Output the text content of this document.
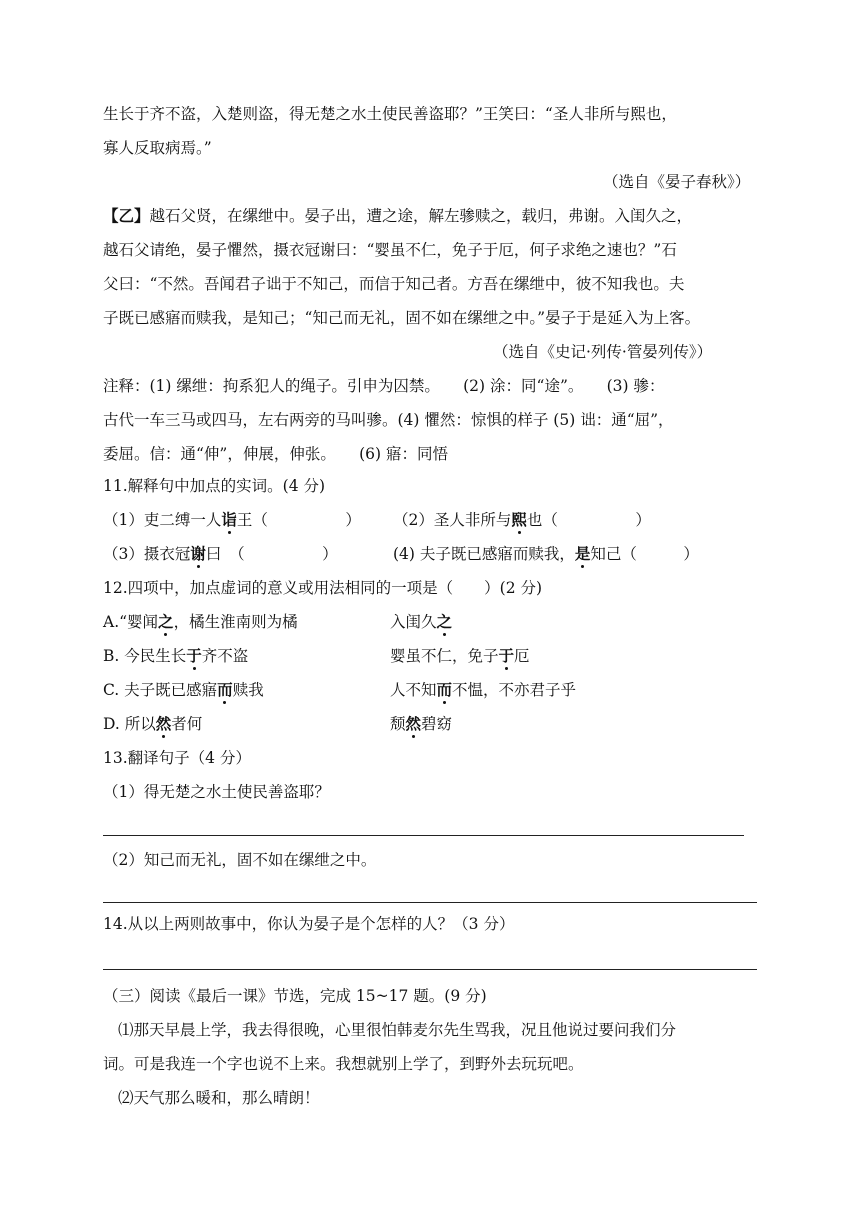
生长于齐不盗，入楚则盗，得无楚之水土使民善盗耶？”王笑曰：“圣人非所与熙也，
寡人反取病焉。”
（选自《晏子春秋》）
【乙】越石父贤，在缧绁中。晏子出，遭之途，解左骖赎之，载归，弗谢。入闺久之，
越石父请绝，晏子懼然，摄衣冠谢曰：“婴虽不仁，免子于厄，何子求绝之速也？”石
父曰：“不然。吾闻君子诎于不知己，而信于知己者。方吾在缧绁中，彼不知我也。夫
子既已感寤而赎我，是知己；“知己而无礼，固不如在缧绁之中。”晏子于是延入为上客。
（选自《史记·列传·管晏列传》）
注释：(1) 缧绁：拘系犯人的绳子。引申为囚禁。　　(2) 涂：同“途”。　　(3) 骖：
古代一车三马或四马，左右两旁的马叫骖。(4) 懼然：惊惧的样子 (5) 诎：通“屈”，
委屈。信：通“伸”，伸展，伸张。　　(6) 寤：同悟
11.解释句中加点的实词。(4 分)
（1）吏二缚一人诣王（　　　　　） （2）圣人非所与熙也（　　　　　）
（3）摄衣冠谢曰　（　　　　　）	(4) 夫子既已感寤而赎我，是知己（　　　）
12.四项中，加点虚词的意义或用法相同的一项是（　　）(2 分)
A.“婴闻之，橘生淮南则为橘	入闺久之
B. 今民生长于齐不盗	婴虽不仁，免子于厄
C. 夫子既已感寤而赎我	人不知而不愠，不亦君子乎
D. 所以然者何	颓然碧窈
13.翻译句子（4 分）
（1）得无楚之水土使民善盗耶？
（2）知己而无礼，固不如在缧绁之中。
14.从以上两则故事中，你认为晏子是个怎样的人？（3 分）
（三）阅读《最后一课》节选，完成 15~17 题。(9 分)
⑴那天早晨上学，我去得很晚，心里很怕韩麦尔先生骂我，况且他说过要问我们分
词。可是我连一个字也说不上来。我想就别上学了，到野外去玩玩吧。
⑵天气那么暖和，那么晴朗！
